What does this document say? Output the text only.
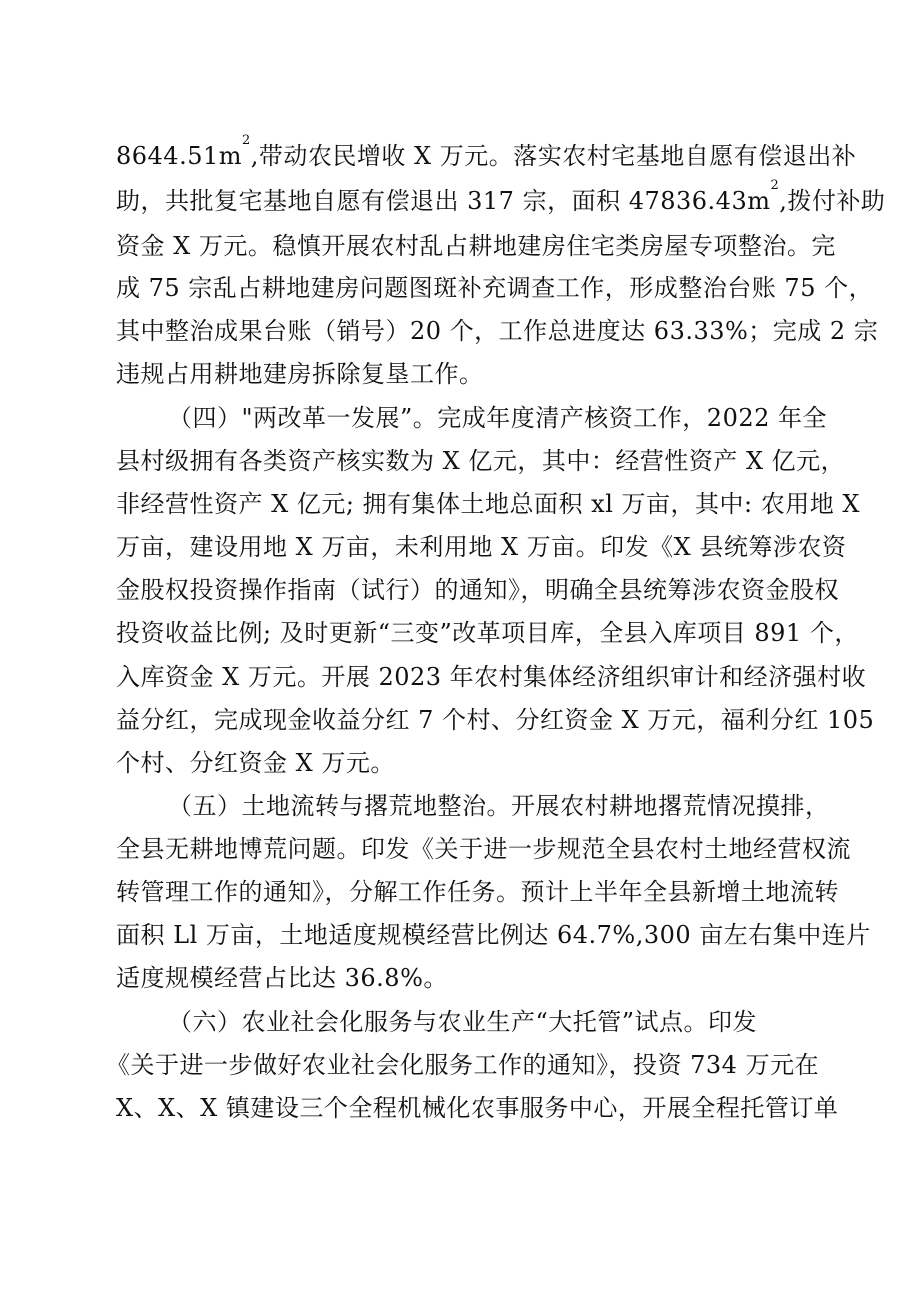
$8644.51m^2$,带动农民增收 X 万元。落实农村宅基地自愿有偿退出补
助，共批复宅基地自愿有偿退出 317 宗，面积 $47836.43m^2$,拨付补助
资金 X 万元。稳慎开展农村乱占耕地建房住宅类房屋专项整治。完
成 75 宗乱占耕地建房问题图斑补充调查工作，形成整治台账 75 个，
其中整治成果台账（销号）20 个，工作总进度达 63.33%；完成 2 宗
违规占用耕地建房拆除复垦工作。
（四）"两改革一发展”。完成年度清产核资工作，2022 年全
县村级拥有各类资产核实数为 X 亿元，其中：经营性资产 X 亿元，
非经营性资产 X 亿元; 拥有集体土地总面积 xl 万亩，其中: 农用地 X
万亩，建设用地 X 万亩，未利用地 X 万亩。印发《X 县统筹涉农资
金股权投资操作指南（试行）的通知》，明确全县统筹涉农资金股权
投资收益比例; 及时更新“三变”改革项目库，全县入库项目 891 个，
入库资金 X 万元。开展 2023 年农村集体经济组织审计和经济强村收
益分红，完成现金收益分红 7 个村、分红资金 X 万元，福利分红 105
个村、分红资金 X 万元。
（五）土地流转与撂荒地整治。开展农村耕地撂荒情况摸排，
全县无耕地博荒问题。印发《关于进一步规范全县农村土地经营权流
转管理工作的通知》，分解工作任务。预计上半年全县新增土地流转
面积 Ll 万亩，土地适度规模经营比例达 64.7%,300 亩左右集中连片
适度规模经营占比达 36.8%。
（六）农业社会化服务与农业生产“大托管”试点。印发
《关于进一步做好农业社会化服务工作的通知》，投资 734 万元在
X、X、X 镇建设三个全程机械化农事服务中心，开展全程托管订单
